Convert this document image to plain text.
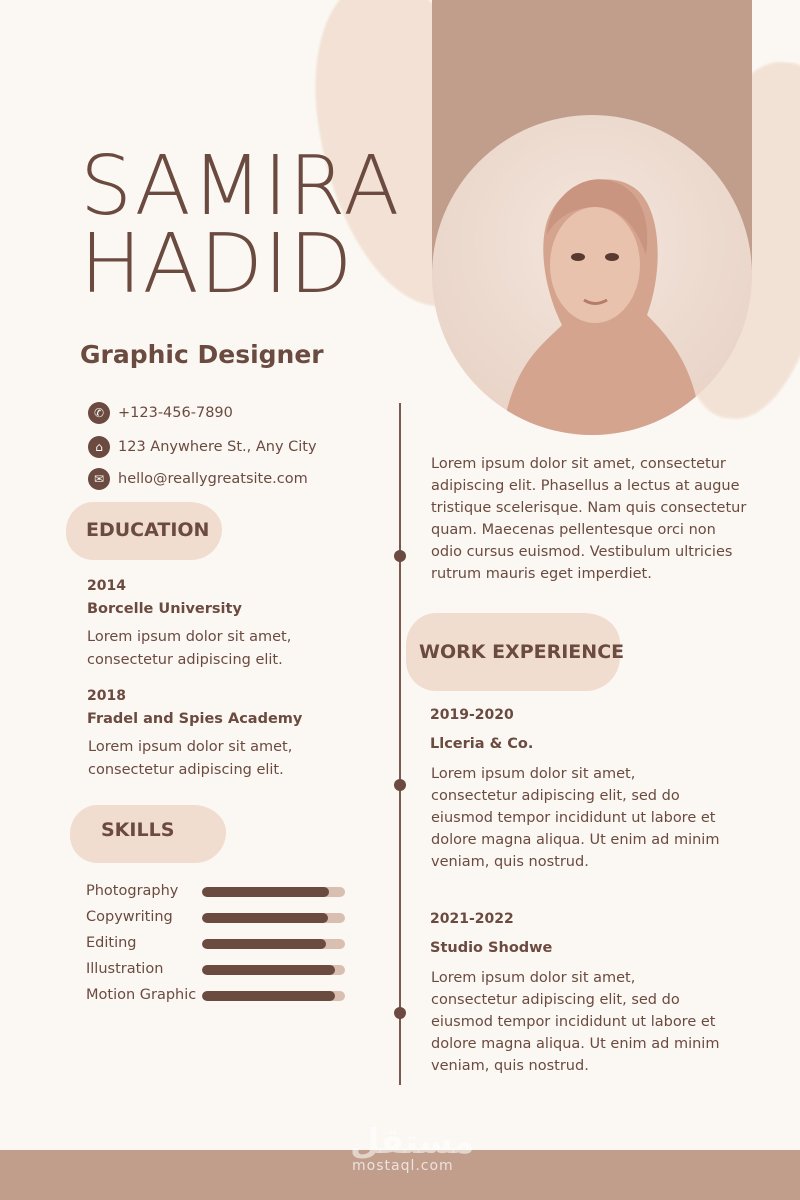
SAMIRA
HADID
Graphic Designer
✆ +123-456-7890
⌂	123 Anywhere St., Any City
✉ hello@reallygreatsite.com
EDUCATION
2014
Borcelle University
Lorem ipsum dolor sit amet, consectetur adipiscing elit.
2018
Fradel and Spies Academy
Lorem ipsum dolor sit amet, consectetur adipiscing elit.
SKILLS
Photography
Copywriting
Editing
Illustration
Motion Graphic
Lorem ipsum dolor sit amet, consectetur adipiscing elit. Phasellus a lectus at augue tristique scelerisque. Nam quis consectetur quam. Maecenas pellentesque orci non odio cursus euismod. Vestibulum ultricies rutrum mauris eget imperdiet.
WORK EXPERIENCE
2019-2020
Llceria & Co.
Lorem ipsum dolor sit amet, consectetur adipiscing elit, sed do eiusmod tempor incididunt ut labore et dolore magna aliqua. Ut enim ad minim veniam, quis nostrud.
2021-2022
Studio Shodwe
Lorem ipsum dolor sit amet, consectetur adipiscing elit, sed do eiusmod tempor incididunt ut labore et dolore magna aliqua. Ut enim ad minim veniam, quis nostrud.
مستقل
mostaql.com
